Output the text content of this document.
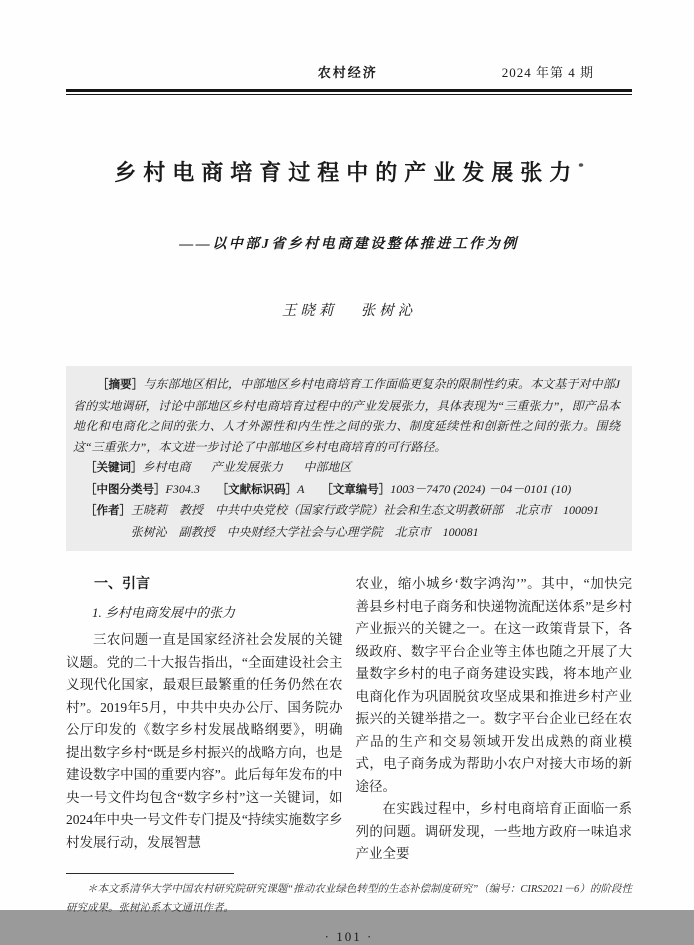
农村经济	2024 年第 4 期
乡村电商培育过程中的产业发展张力*
——以中部J省乡村电商建设整体推进工作为例
王晓莉 张树沁

［摘要］与东部地区相比，中部地区乡村电商培育工作面临更复杂的限制性约束。本文基于对中部J省的实地调研，讨论中部地区乡村电商培育过程中的产业发展张力，具体表现为“三重张力”，即产品本地化和电商化之间的张力、人才外源性和内生性之间的张力、制度延续性和创新性之间的张力。围绕这“三重张力”，本文进一步讨论了中部地区乡村电商培育的可行路径。

［关键词］乡村电商 产业发展张力 中部地区

［中图分类号］F304.3 ［文献标识码］A ［文章编号］1003－7470 (2024) －04－0101 (10)

［作者］王晓莉　教授　中共中央党校（国家行政学院）社会和生态文明教研部　北京市　100091

张树沁　副教授　中央财经大学社会与心理学院　北京市　100081

一、引言
1. 乡村电商发展中的张力

三农问题一直是国家经济社会发展的关键议题。党的二十大报告指出，“全面建设社会主义现代化国家，最艰巨最繁重的任务仍然在农村”。2019年5月，中共中央办公厅、国务院办公厅印发的《数字乡村发展战略纲要》，明确提出数字乡村“既是乡村振兴的战略方向，也是建设数字中国的重要内容”。此后每年发布的中央一号文件均包含“数字乡村”这一关键词，如2024年中央一号文件专门提及“持续实施数字乡村发展行动，发展智慧

农业，缩小城乡‘数字鸿沟’”。其中，“加快完善县乡村电子商务和快递物流配送体系”是乡村产业振兴的关键之一。在这一政策背景下，各级政府、数字平台企业等主体也随之开展了大量数字乡村的电子商务建设实践，将本地产业电商化作为巩固脱贫攻坚成果和推进乡村产业振兴的关键举措之一。数字平台企业已经在农产品的生产和交易领域开发出成熟的商业模式，电子商务成为帮助小农户对接大市场的新途径。

在实践过程中，乡村电商培育正面临一系列的问题。调研发现，一些地方政府一味追求产业全要

＊本文系清华大学中国农村研究院研究课题“推动农业绿色转型的生态补偿制度研究”（编号：CIRS2021－6）的阶段性研究成果。张树沁系本文通讯作者。

· 101 ·
